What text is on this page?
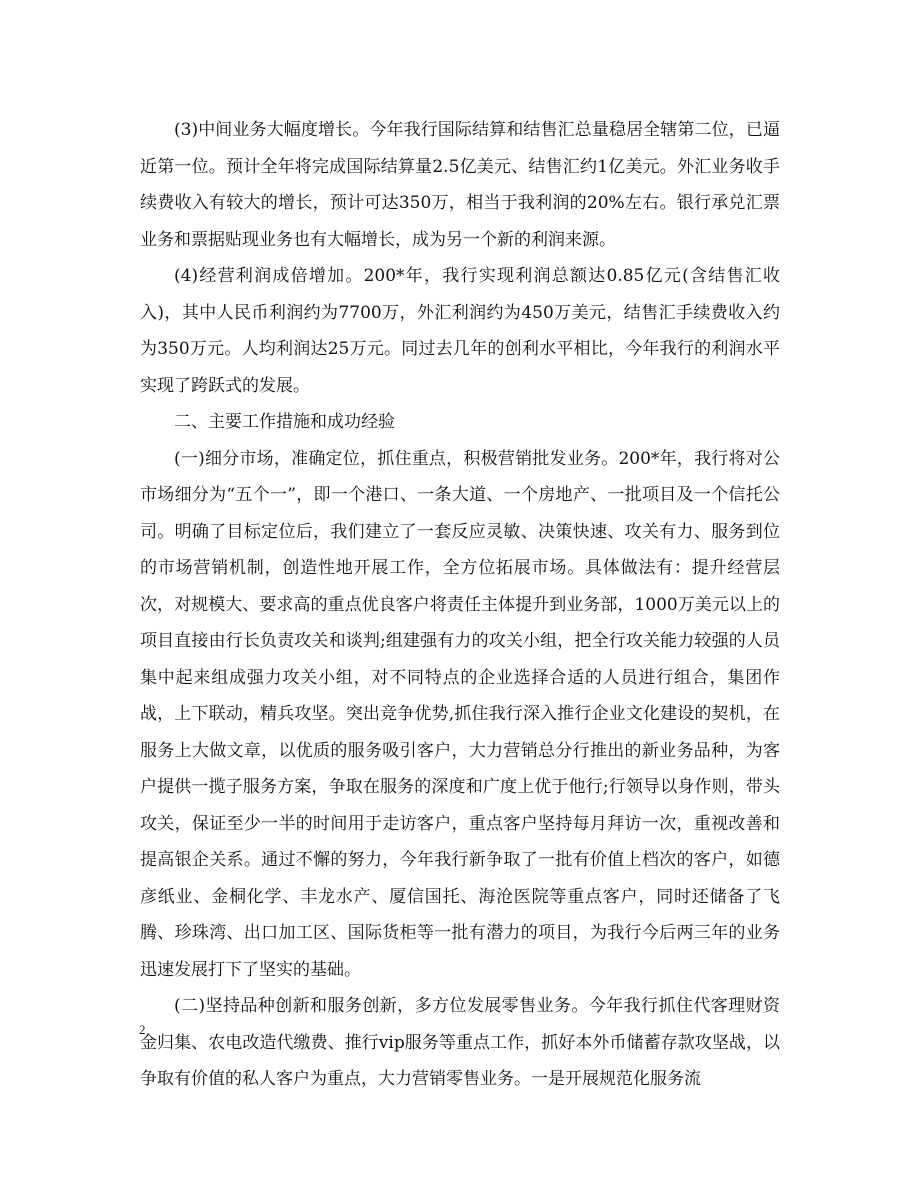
(3)中间业务大幅度增长。今年我行国际结算和结售汇总量稳居全辖第二位，已逼近第一位。预计全年将完成国际结算量2.5亿美元、结售汇约1亿美元。外汇业务收手续费收入有较大的增长，预计可达350万，相当于我利润的20%左右。银行承兑汇票业务和票据贴现业务也有大幅增长，成为另一个新的利润来源。

(4)经营利润成倍增加。200*年，我行实现利润总额达0.85亿元(含结售汇收入)，其中人民币利润约为7700万，外汇利润约为450万美元，结售汇手续费收入约为350万元。人均利润达25万元。同过去几年的创利水平相比，今年我行的利润水平实现了跨跃式的发展。

二、主要工作措施和成功经验

(一)细分市场，准确定位，抓住重点，积极营销批发业务。200*年，我行将对公市场细分为“五个一”，即一个港口、一条大道、一个房地产、一批项目及一个信托公司。明确了目标定位后，我们建立了一套反应灵敏、决策快速、攻关有力、服务到位的市场营销机制，创造性地开展工作，全方位拓展市场。具体做法有：提升经营层次，对规模大、要求高的重点优良客户将责任主体提升到业务部，1000万美元以上的项目直接由行长负责攻关和谈判;组建强有力的攻关小组，把全行攻关能力较强的人员集中起来组成强力攻关小组，对不同特点的企业选择合适的人员进行组合，集团作战，上下联动，精兵攻坚。突出竞争优势,抓住我行深入推行企业文化建设的契机，在服务上大做文章，以优质的服务吸引客户，大力营销总分行推出的新业务品种，为客户提供一揽子服务方案，争取在服务的深度和广度上优于他行;行领导以身作则，带头攻关，保证至少一半的时间用于走访客户，重点客户坚持每月拜访一次，重视改善和提高银企关系。通过不懈的努力，今年我行新争取了一批有价值上档次的客户，如德彦纸业、金桐化学、丰龙水产、厦信国托、海沧医院等重点客户，同时还储备了飞腾、珍珠湾、出口加工区、国际货柜等一批有潜力的项目，为我行今后两三年的业务迅速发展打下了坚实的基础。

(二)坚持品种创新和服务创新，多方位发展零售业务。今年我行抓住代客理财资金归集、农电改造代缴费、推行vip服务等重点工作，抓好本外币储蓄存款攻坚战，以争取有价值的私人客户为重点，大力营销零售业务。一是开展规范化服务流

2
